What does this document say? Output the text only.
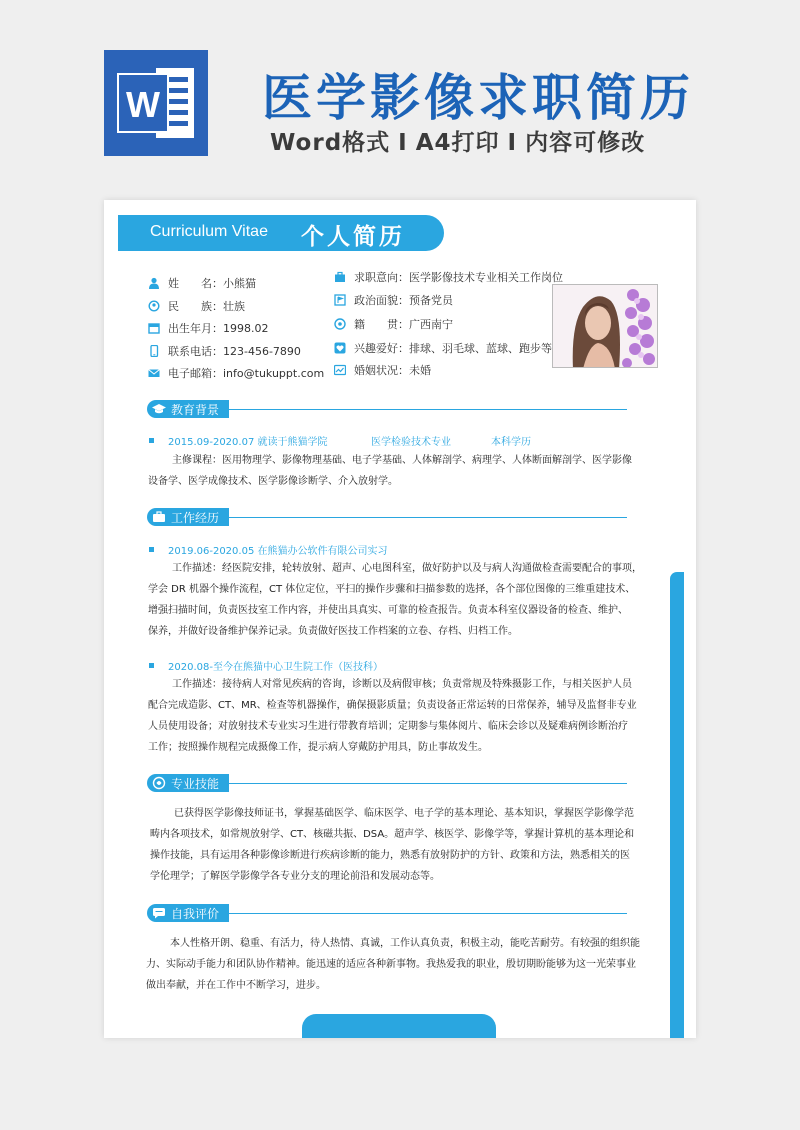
W 医学影像求职简历
Word格式 I A4打印 I 内容可修改
Curriculum Vitae 个人简历
姓　　名： 小熊猫
民　　族： 壮族
出生年月： 1998.02
联系电话： 123-456-7890
电子邮箱： info@tukuppt.com
求职意向： 医学影像技术专业相关工作岗位
政治面貌： 预备党员
籍　　贯： 广西南宁
兴趣爱好： 排球、羽毛球、蓝球、跑步等
婚姻状况： 未婚
教育背景
2015.09-2020.07 就读于熊猫学院	医学检验技术专业	本科学历
主修课程：医用物理学、影像物理基础、电子学基础、人体解剖学、病理学、人体断面解剖学、医学影像
设备学、医学成像技术、医学影像诊断学、介入放射学。
工作经历
2019.06-2020.05 在熊猫办公软件有限公司实习
工作描述：经医院安排，轮转放射、超声、心电图科室，做好防护以及与病人沟通做检查需要配合的事项，
学会 DR 机器个操作流程，CT 体位定位，平扫的操作步骤和扫描参数的选择，各个部位图像的三维重建技术、
增强扫描时间，负责医技室工作内容，并使出具真实、可靠的检查报告。负责本科室仪器设备的检查、维护、
保养，并做好设备维护保养记录。负责做好医技工作档案的立卷、存档、归档工作。
2020.08-至今在熊猫中心卫生院工作（医技科）
工作描述：接待病人对常见疾病的咨询，诊断以及病假审核；负责常规及特殊摄影工作，与相关医护人员
配合完成造影、CT、MR、检查等机器操作，确保摄影质量；负责设备正常运转的日常保养，辅导及监督非专业
人员使用设备；对放射技术专业实习生进行带教育培训；定期参与集体阅片、临床会诊以及疑难病例诊断治疗
工作；按照操作规程完成摄像工作，提示病人穿戴防护用具，防止事故发生。
专业技能
已获得医学影像技师证书，掌握基础医学、临床医学、电子学的基本理论、基本知识，掌握医学影像学范
畴内各项技术，如常规放射学、CT、核磁共振、DSA。超声学、核医学、影像学等，掌握计算机的基本理论和
操作技能，具有运用各种影像诊断进行疾病诊断的能力，熟悉有放射防护的方针、政策和方法，熟悉相关的医
学伦理学；了解医学影像学各专业分支的理论前沿和发展动态等。
自我评价
本人性格开朗、稳重、有活力，待人热情、真诚，工作认真负责，积极主动，能吃苦耐劳。有较强的组织能
力、实际动手能力和团队协作精神。能迅速的适应各种新事物。我热爱我的职业，殷切期盼能够为这一光荣事业
做出奉献，并在工作中不断学习，进步。
